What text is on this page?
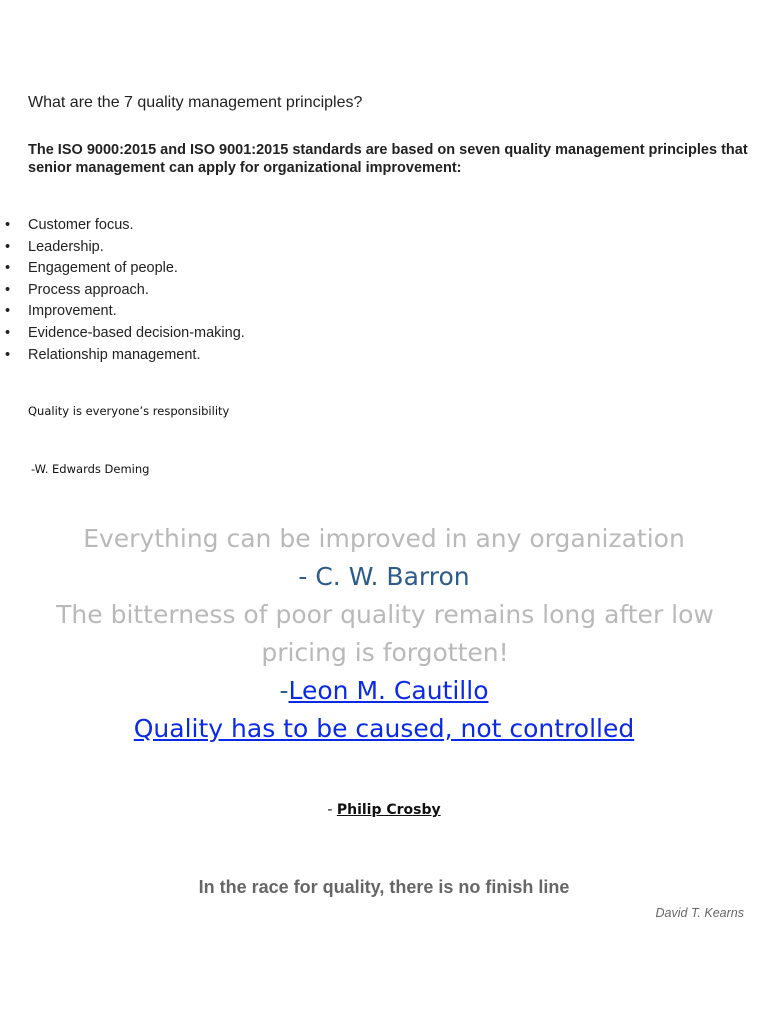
What are the 7 quality management principles?
The ISO 9000:2015 and ISO 9001:2015 standards are based on seven quality management principles that senior management can apply for organizational improvement:
• Customer focus.
• Leadership.
• Engagement of people.
• Process approach.
• Improvement.
• Evidence-based decision-making.
• Relationship management.
Quality is everyone’s responsibility
-W. Edwards Deming
Everything can be improved in any organization
- C. W. Barron
The bitterness of poor quality remains long after low pricing is forgotten!
-Leon M. Cautillo
Quality has to be caused, not controlled
- Philip Crosby
In the race for quality, there is no finish line
David T. Kearns
